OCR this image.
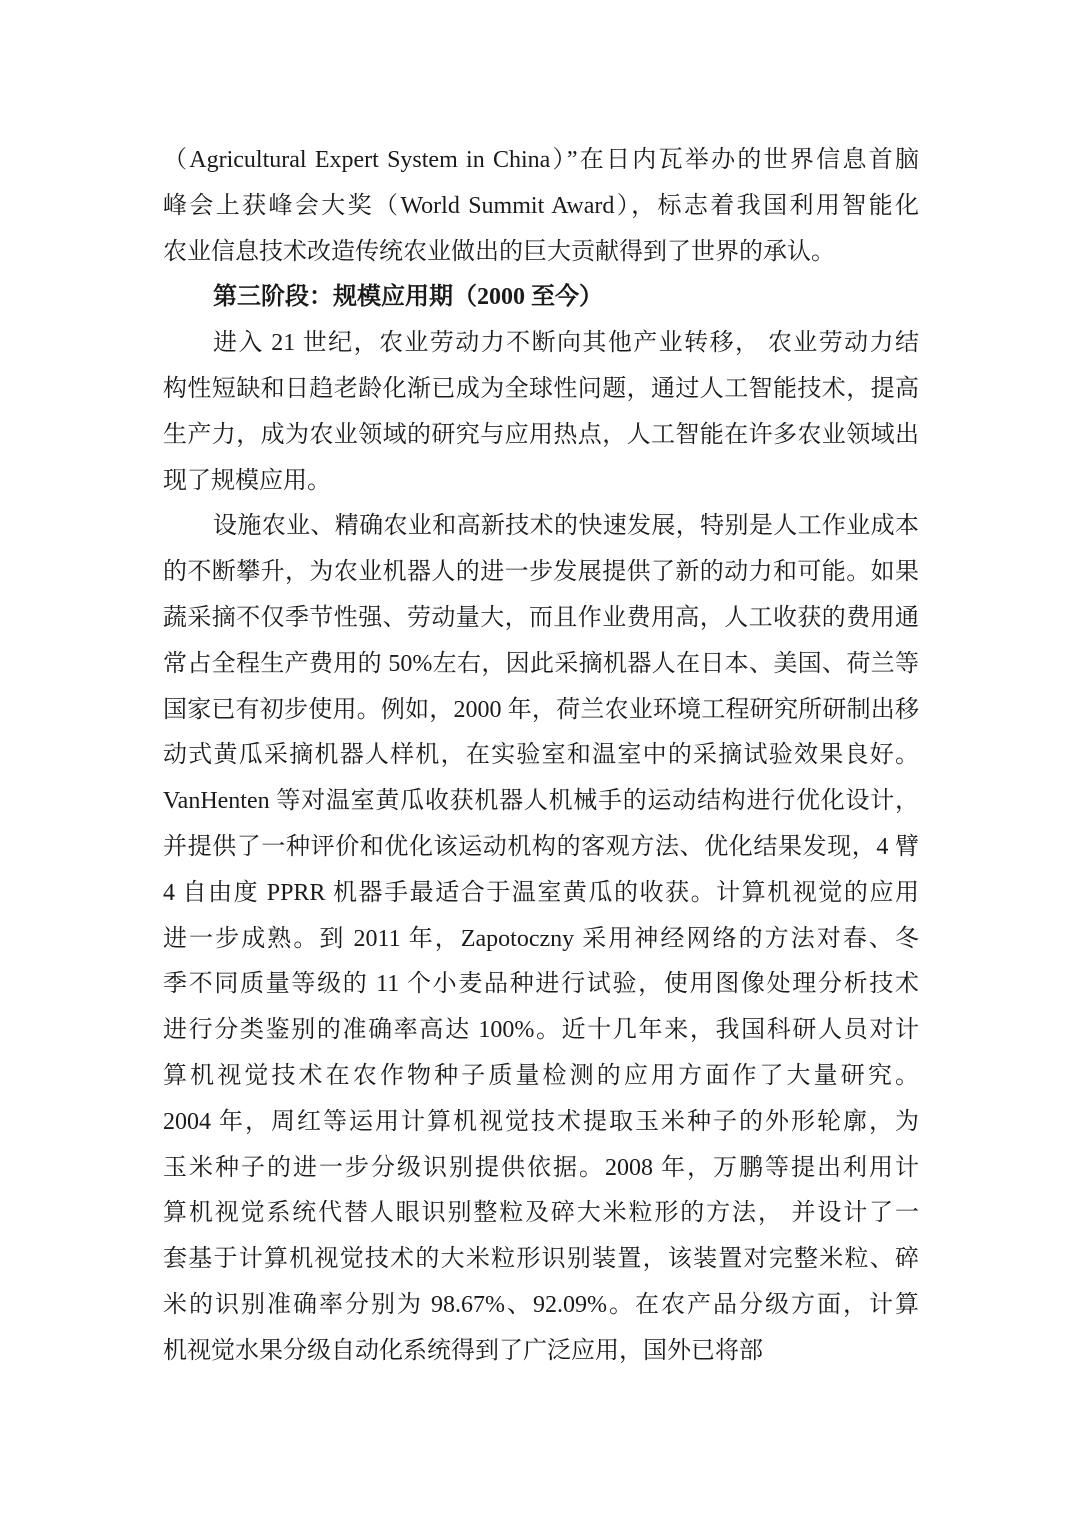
（Agricultural Expert System in China）”在日内瓦举办的世界信息首脑
峰会上获峰会大奖（World Summit Award），标志着我国利用智能化
农业信息技术改造传统农业做出的巨大贡献得到了世界的承认。
第三阶段：规模应用期（2000 至今）
进入 21 世纪，农业劳动力不断向其他产业转移， 农业劳动力结
构性短缺和日趋老龄化渐已成为全球性问题，通过人工智能技术，提高
生产力，成为农业领域的研究与应用热点，人工智能在许多农业领域出
现了规模应用。
设施农业、精确农业和高新技术的快速发展，特别是人工作业成本
的不断攀升，为农业机器人的进一步发展提供了新的动力和可能。如果
蔬采摘不仅季节性强、劳动量大，而且作业费用高，人工收获的费用通
常占全程生产费用的 50%左右，因此采摘机器人在日本、美国、荷兰等
国家已有初步使用。例如，2000 年，荷兰农业环境工程研究所研制出移
动式黄瓜采摘机器人样机，在实验室和温室中的采摘试验效果良好。
VanHenten 等对温室黄瓜收获机器人机械手的运动结构进行优化设计，
并提供了一种评价和优化该运动机构的客观方法、优化结果发现，4 臂
4 自由度 PPRR 机器手最适合于温室黄瓜的收获。计算机视觉的应用
进一步成熟。到 2011 年，Zapotoczny 采用神经网络的方法对春、冬
季不同质量等级的 11 个小麦品种进行试验，使用图像处理分析技术
进行分类鉴别的准确率高达 100%。近十几年来，我国科研人员对计
算机视觉技术在农作物种子质量检测的应用方面作了大量研究。
2004 年，周红等运用计算机视觉技术提取玉米种子的外形轮廓，为
玉米种子的进一步分级识别提供依据。2008 年，万鹏等提出利用计
算机视觉系统代替人眼识别整粒及碎大米粒形的方法， 并设计了一
套基于计算机视觉技术的大米粒形识别装置，该装置对完整米粒、碎
米的识别准确率分别为 98.67%、92.09%。在农产品分级方面，计算
机视觉水果分级自动化系统得到了广泛应用，国外已将部
